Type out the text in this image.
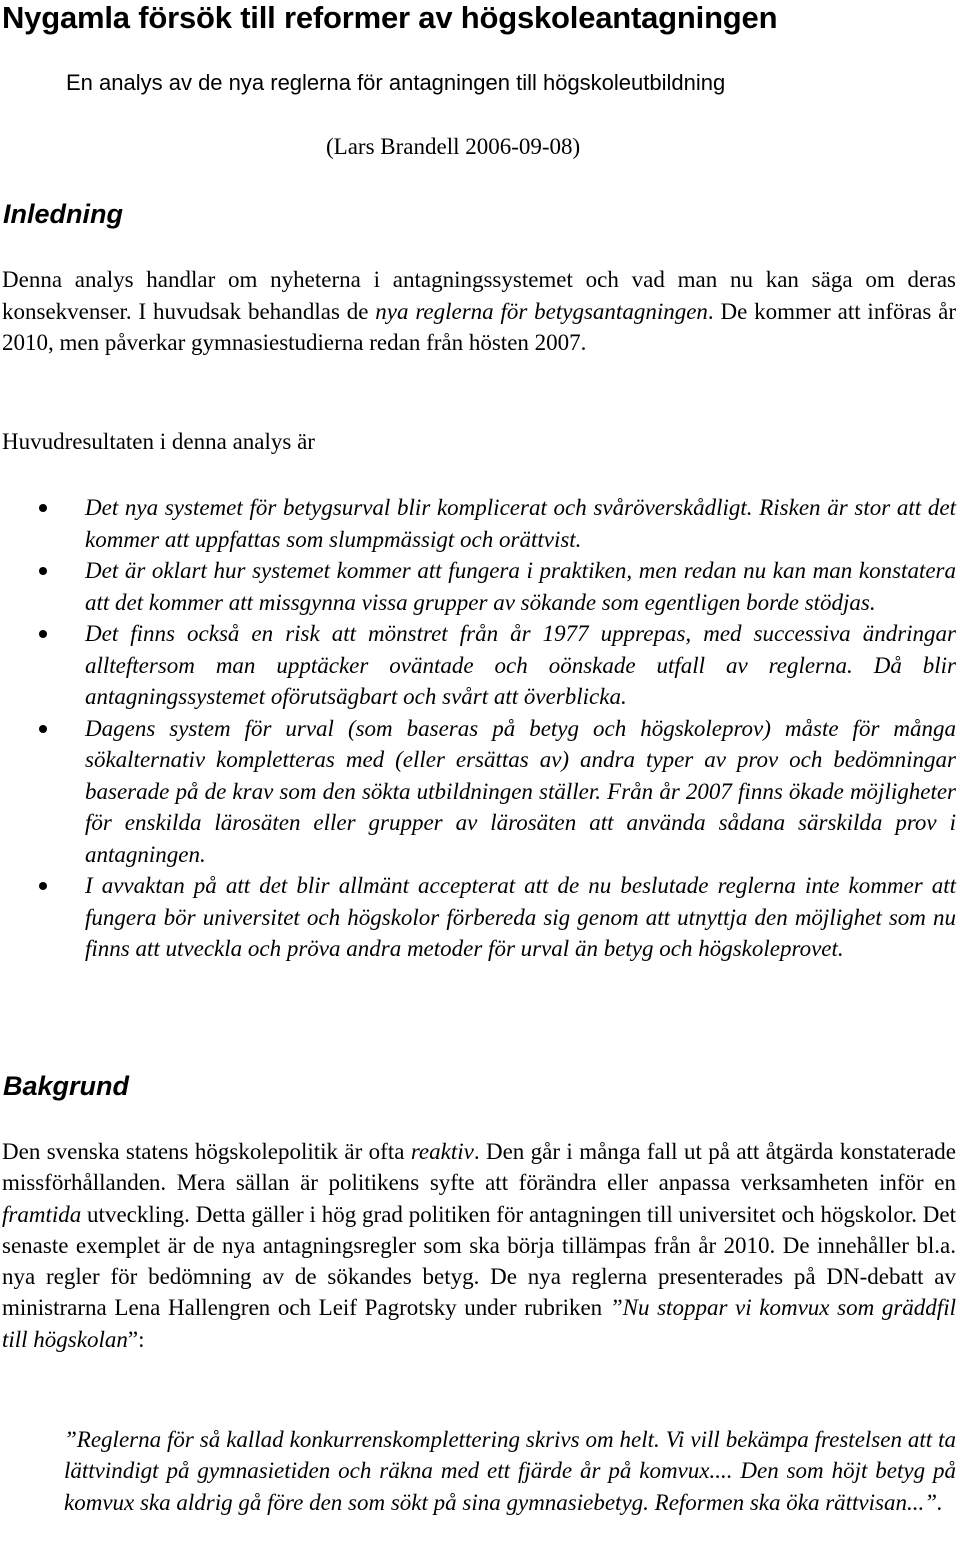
Nygamla försök till reformer av högskoleantagningen

En analys av de nya reglerna för antagningen till högskoleutbildning

(Lars Brandell 2006-09-08)

Inledning

Denna analys handlar om nyheterna i antagningssystemet och vad man nu kan säga om deras konsekvenser. I huvudsak behandlas de nya reglerna för betygsantagningen. De kommer att införas år 2010, men påverkar gymnasiestudierna redan från hösten 2007.

Huvudresultaten i denna analys är

Det nya systemet för betygsurval blir komplicerat och svåröverskådligt. Risken är stor att det kommer att uppfattas som slumpmässigt och orättvist.
Det är oklart hur systemet kommer att fungera i praktiken, men redan nu kan man konstatera att det kommer att missgynna vissa grupper av sökande som egentligen borde stödjas.
Det finns också en risk att mönstret från år 1977 upprepas, med successiva ändringar allteftersom man upptäcker oväntade och oönskade utfall av reglerna. Då blir antagningssystemet oförutsägbart och svårt att överblicka.
Dagens system för urval (som baseras på betyg och högskoleprov) måste för många sökalternativ kompletteras med (eller ersättas av) andra typer av prov och bedömningar baserade på de krav som den sökta utbildningen ställer. Från år 2007 finns ökade möjligheter för enskilda lärosäten eller grupper av lärosäten att använda sådana särskilda prov i antagningen.
I avvaktan på att det blir allmänt accepterat att de nu beslutade reglerna inte kommer att fungera bör universitet och högskolor förbereda sig genom att utnyttja den möjlighet som nu finns att utveckla och pröva andra metoder för urval än betyg och högskoleprovet.
Bakgrund

Den svenska statens högskolepolitik är ofta reaktiv. Den går i många fall ut på att åtgärda konstaterade missförhållanden. Mera sällan är politikens syfte att förändra eller anpassa verksamheten inför en framtida utveckling. Detta gäller i hög grad politiken för antagningen till universitet och högskolor. Det senaste exemplet är de nya antagningsregler som ska börja tillämpas från år 2010. De innehåller bl.a. nya regler för bedömning av de sökandes betyg. De nya reglerna presenterades på DN-debatt av ministrarna Lena Hallengren och Leif Pagrotsky under rubriken ”Nu stoppar vi komvux som gräddfil till högskolan”:

”Reglerna för så kallad konkurrenskomplettering skrivs om helt. Vi vill bekämpa frestelsen att ta lättvindigt på gymnasietiden och räkna med ett fjärde år på komvux.... Den som höjt betyg på komvux ska aldrig gå före den som sökt på sina gymnasiebetyg. Reformen ska öka rättvisan...”.
